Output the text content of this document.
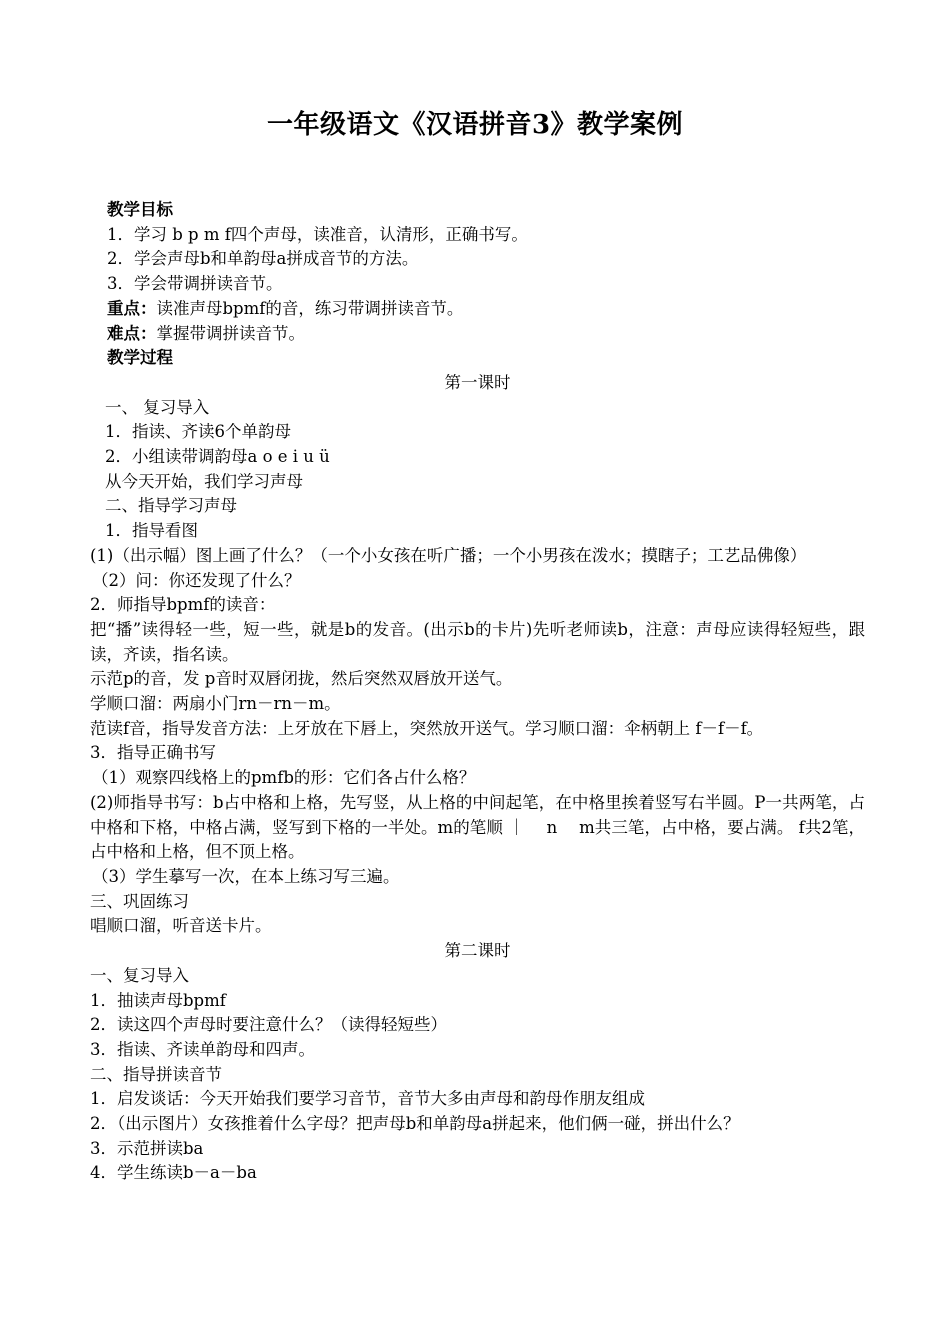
一年级语文《汉语拼音3》教学案例
教学目标
1．学习 b p m f四个声母，读准音，认清形，正确书写。
2．学会声母b和单韵母a拼成音节的方法。
3．学会带调拼读音节。
重点：读准声母bpmf的音，练习带调拼读音节。
难点：掌握带调拼读音节。
教学过程
第一课时
一、 复习导入
1．指读、齐读6个单韵母
2．小组读带调韵母a o e i u ü
从今天开始，我们学习声母
二、指导学习声母
1．指导看图
(1)（出示幅）图上画了什么？（一个小女孩在听广播；一个小男孩在泼水；摸瞎子；工艺品佛像）
（2）问：你还发现了什么？
2．师指导bpmf的读音：
把“播”读得轻一些，短一些，就是b的发音。(出示b的卡片)先听老师读b，注意：声母应读得轻短些，跟读，齐读，指名读。
示范p的音，发 p音时双唇闭拢，然后突然双唇放开送气。
学顺口溜：两扇小门rn－rn－m。
范读f音，指导发音方法：上牙放在下唇上，突然放开送气。学习顺口溜：伞柄朝上 f－f－f。
3．指导正确书写
（1）观察四线格上的pmfb的形：它们各占什么格？
(2)师指导书写：b占中格和上格，先写竖，从上格的中间起笔，在中格里挨着竖写右半圆。P一共两笔，占中格和下格，中格占满，竖写到下格的一半处。m的笔顺 ｜　 n　 m共三笔，占中格，要占满。 f共2笔，占中格和上格，但不顶上格。
（3）学生摹写一次，在本上练习写三遍。
三、巩固练习
唱顺口溜，听音送卡片。
第二课时
一、复习导入
1．抽读声母bpmf
2．读这四个声母时要注意什么？（读得轻短些）
3．指读、齐读单韵母和四声。
二、指导拼读音节
1．启发谈话：今天开始我们要学习音节，音节大多由声母和韵母作朋友组成
2．（出示图片）女孩推着什么字母？把声母b和单韵母a拼起来，他们俩一碰，拼出什么？
3．示范拼读ba
4．学生练读b－a－ba
